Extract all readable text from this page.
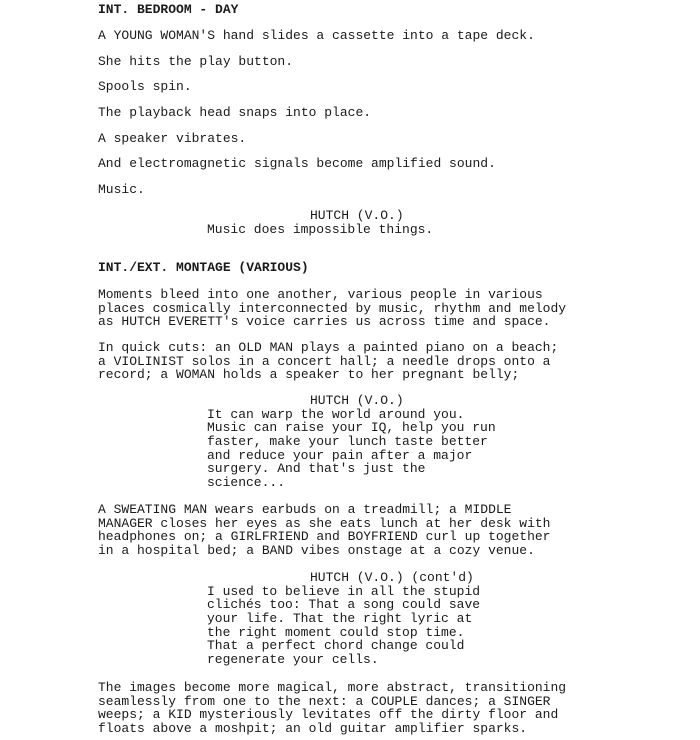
INT. BEDROOM - DAY
A YOUNG WOMAN'S hand slides a cassette into a tape deck.
She hits the play button.
Spools spin.
The playback head snaps into place.
A speaker vibrates.
And electromagnetic signals become amplified sound.
Music.
HUTCH (V.O.)
Music does impossible things.
INT./EXT. MONTAGE (VARIOUS)
Moments bleed into one another, various people in various
places cosmically interconnected by music, rhythm and melody
as HUTCH EVERETT's voice carries us across time and space.
In quick cuts: an OLD MAN plays a painted piano on a beach;
a VIOLINIST solos in a concert hall; a needle drops onto a
record; a WOMAN holds a speaker to her pregnant belly;
HUTCH (V.O.)
It can warp the world around you.
Music can raise your IQ, help you run
faster, make your lunch taste better
and reduce your pain after a major
surgery. And that's just the
science...
A SWEATING MAN wears earbuds on a treadmill; a MIDDLE
MANAGER closes her eyes as she eats lunch at her desk with
headphones on; a GIRLFRIEND and BOYFRIEND curl up together
in a hospital bed; a BAND vibes onstage at a cozy venue.
HUTCH (V.O.) (cont'd)
I used to believe in all the stupid
clichés too: That a song could save
your life. That the right lyric at
the right moment could stop time.
That a perfect chord change could
regenerate your cells.
The images become more magical, more abstract, transitioning
seamlessly from one to the next: a COUPLE dances; a SINGER
weeps; a KID mysteriously levitates off the dirty floor and
floats above a moshpit; an old guitar amplifier sparks.
